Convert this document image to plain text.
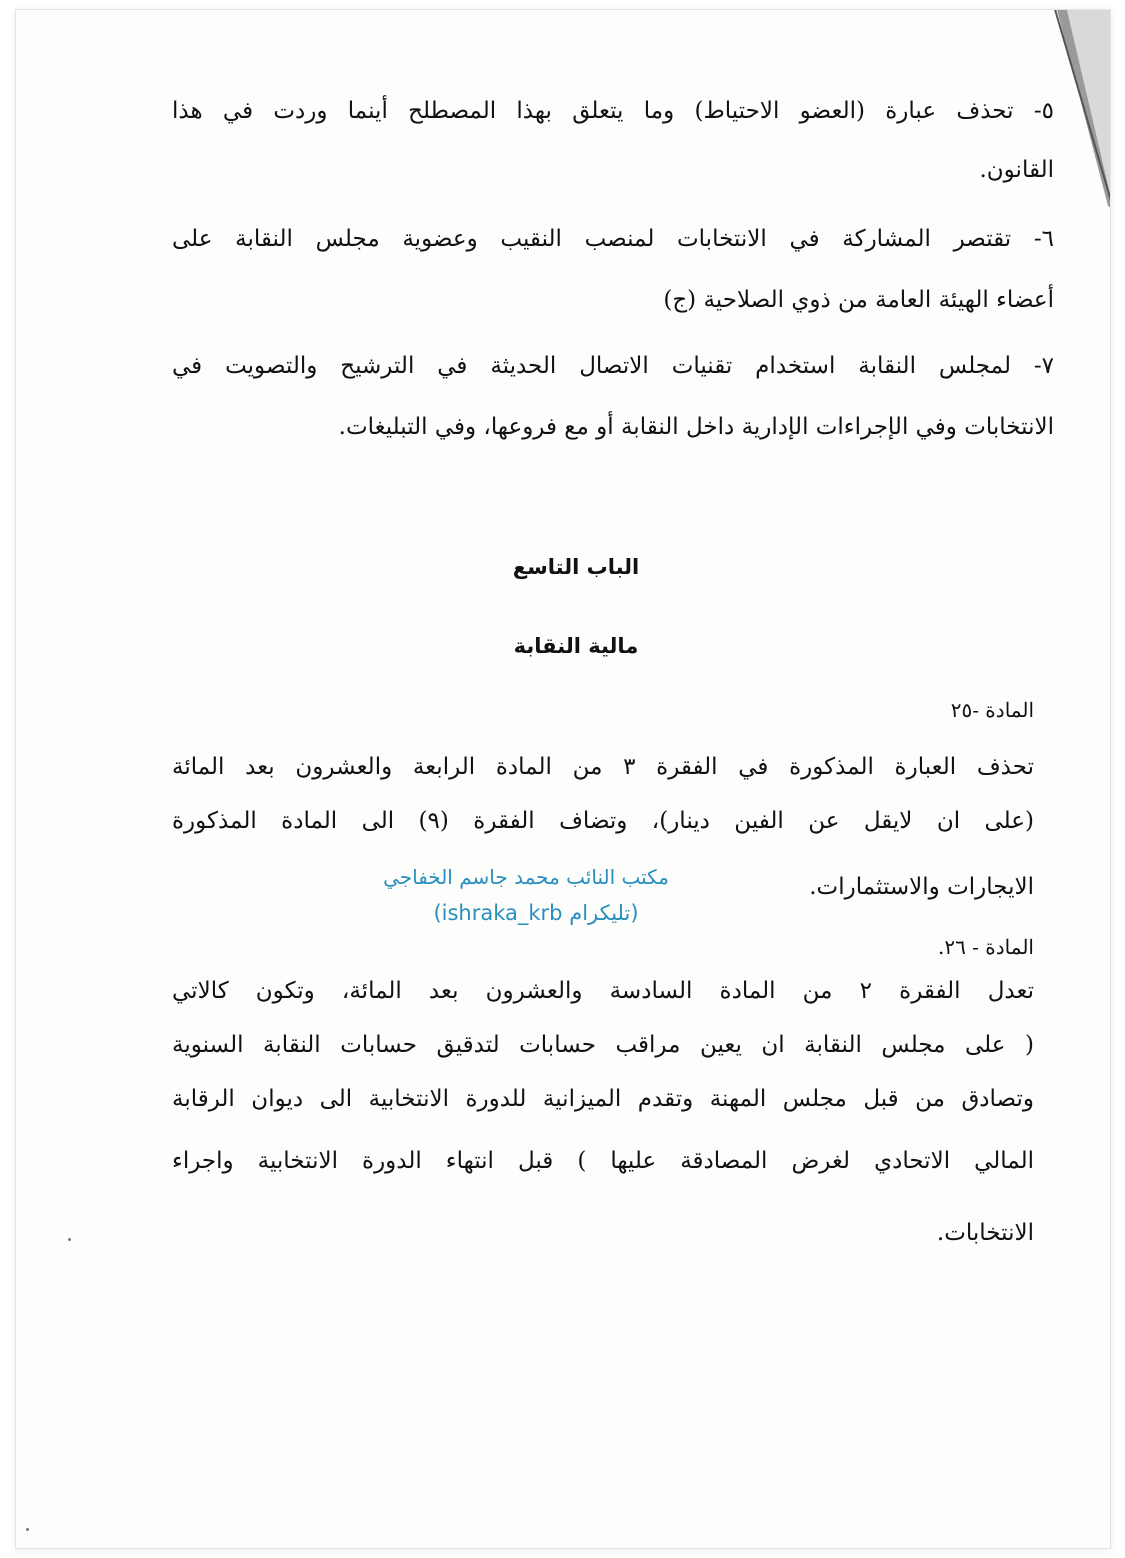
٥- تحذف عبارة (العضو الاحتياط) وما يتعلق بهذا المصطلح أينما وردت في هذا

القانون.

٦- تقتصر المشاركة في الانتخابات لمنصب النقيب وعضوية مجلس النقابة على

أعضاء الهيئة العامة من ذوي الصلاحية (ج)

٧- لمجلس النقابة استخدام تقنيات الاتصال الحديثة في الترشيح والتصويت في

الانتخابات وفي الإجراءات الإدارية داخل النقابة أو مع فروعها، وفي التبليغات.

الباب التاسع
مالية النقابة

المادة -٢٥

تحذف العبارة المذكورة في الفقرة ٣ من المادة الرابعة والعشرون بعد المائة

(على ان لايقل عن الفين دينار)، وتضاف الفقرة (٩) الى المادة المذكورة

الايجارات والاستثمارات.

مكتب النائب محمد جاسم الخفاجي
(تليكرام ishraka_krb)

المادة - ٢٦.

تعدل الفقرة ٢ من المادة السادسة والعشرون بعد المائة، وتكون كالاتي

( على مجلس النقابة ان يعين مراقب حسابات لتدقيق حسابات النقابة السنوية

وتصادق من قبل مجلس المهنة وتقدم الميزانية للدورة الانتخابية الى ديوان الرقابة

المالي الاتحادي لغرض المصادقة عليها ) قبل انتهاء الدورة الانتخابية واجراء

الانتخابات.
